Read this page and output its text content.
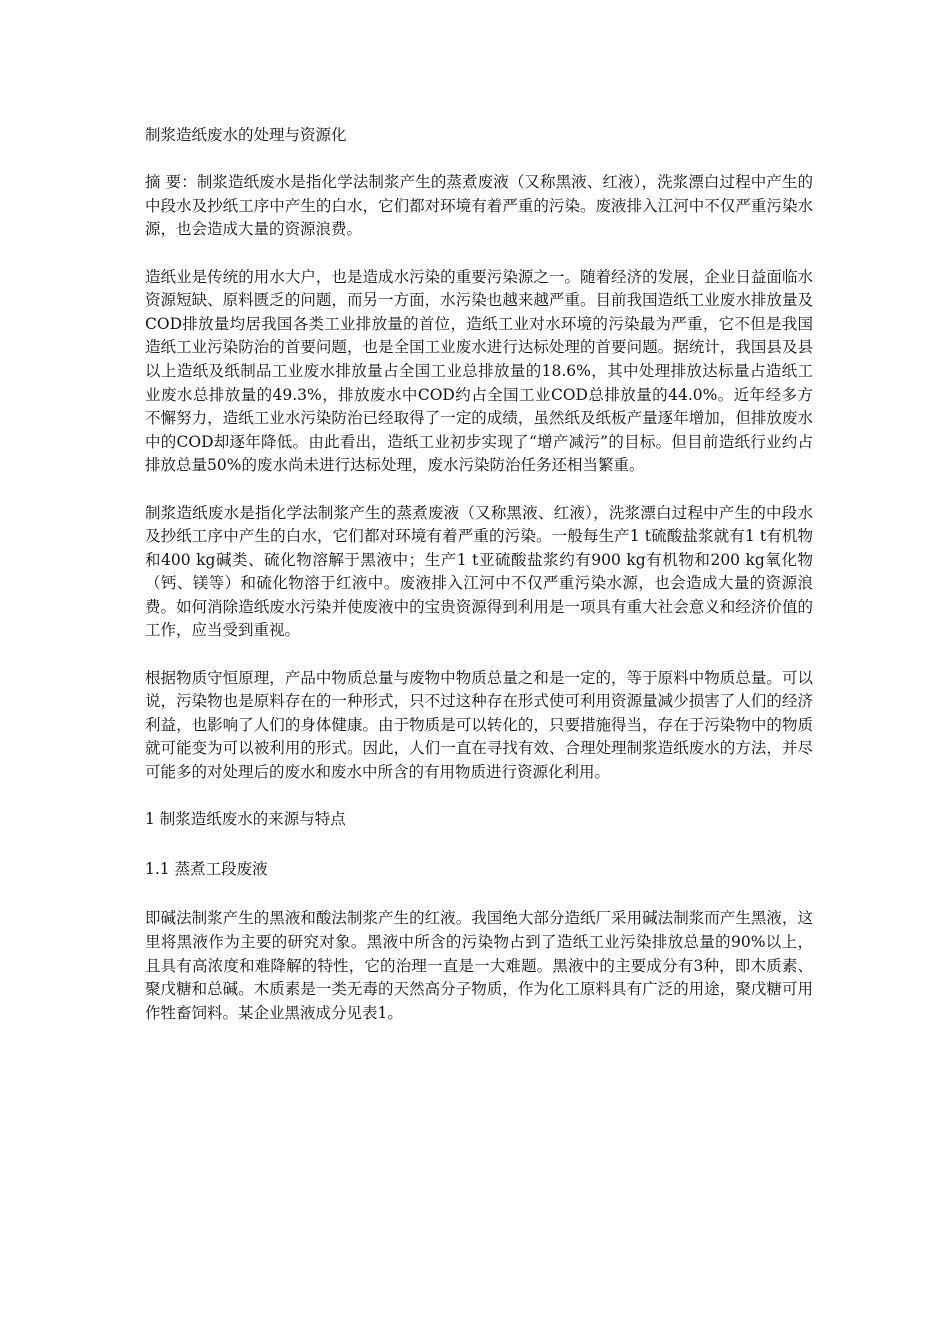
制浆造纸废水的处理与资源化

摘 要：制浆造纸废水是指化学法制浆产生的蒸煮废液（又称黑液、红液），洗浆漂白过程中产生的中段水及抄纸工序中产生的白水，它们都对环境有着严重的污染。废液排入江河中不仅严重污染水源，也会造成大量的资源浪费。

造纸业是传统的用水大户，也是造成水污染的重要污染源之一。随着经济的发展，企业日益面临水资源短缺、原料匮乏的问题，而另一方面，水污染也越来越严重。目前我国造纸工业废水排放量及COD排放量均居我国各类工业排放量的首位，造纸工业对水环境的污染最为严重，它不但是我国造纸工业污染防治的首要问题，也是全国工业废水进行达标处理的首要问题。据统计，我国县及县以上造纸及纸制品工业废水排放量占全国工业总排放量的18.6%，其中处理排放达标量占造纸工业废水总排放量的49.3%，排放废水中COD约占全国工业COD总排放量的44.0%。近年经多方不懈努力，造纸工业水污染防治已经取得了一定的成绩，虽然纸及纸板产量逐年增加，但排放废水中的COD却逐年降低。由此看出，造纸工业初步实现了“增产减污”的目标。但目前造纸行业约占排放总量50%的废水尚未进行达标处理，废水污染防治任务还相当繁重。

制浆造纸废水是指化学法制浆产生的蒸煮废液（又称黑液、红液），洗浆漂白过程中产生的中段水及抄纸工序中产生的白水，它们都对环境有着严重的污染。一般每生产1 t硫酸盐浆就有1 t有机物和400 kg碱类、硫化物溶解于黑液中；生产1 t亚硫酸盐浆约有900 kg有机物和200 kg氧化物（钙、镁等）和硫化物溶于红液中。废液排入江河中不仅严重污染水源，也会造成大量的资源浪费。如何消除造纸废水污染并使废液中的宝贵资源得到利用是一项具有重大社会意义和经济价值的工作，应当受到重视。

根据物质守恒原理，产品中物质总量与废物中物质总量之和是一定的，等于原料中物质总量。可以说，污染物也是原料存在的一种形式，只不过这种存在形式使可利用资源量减少损害了人们的经济利益，也影响了人们的身体健康。由于物质是可以转化的，只要措施得当，存在于污染物中的物质就可能变为可以被利用的形式。因此，人们一直在寻找有效、合理处理制浆造纸废水的方法，并尽可能多的对处理后的废水和废水中所含的有用物质进行资源化利用。

1 制浆造纸废水的来源与特点

1.1 蒸煮工段废液

即碱法制浆产生的黑液和酸法制浆产生的红液。我国绝大部分造纸厂采用碱法制浆而产生黑液，这里将黑液作为主要的研究对象。黑液中所含的污染物占到了造纸工业污染排放总量的90%以上，且具有高浓度和难降解的特性，它的治理一直是一大难题。黑液中的主要成分有3种，即木质素、聚戊糖和总碱。木质素是一类无毒的天然高分子物质，作为化工原料具有广泛的用途，聚戊糖可用作牲畜饲料。某企业黑液成分见表1。
